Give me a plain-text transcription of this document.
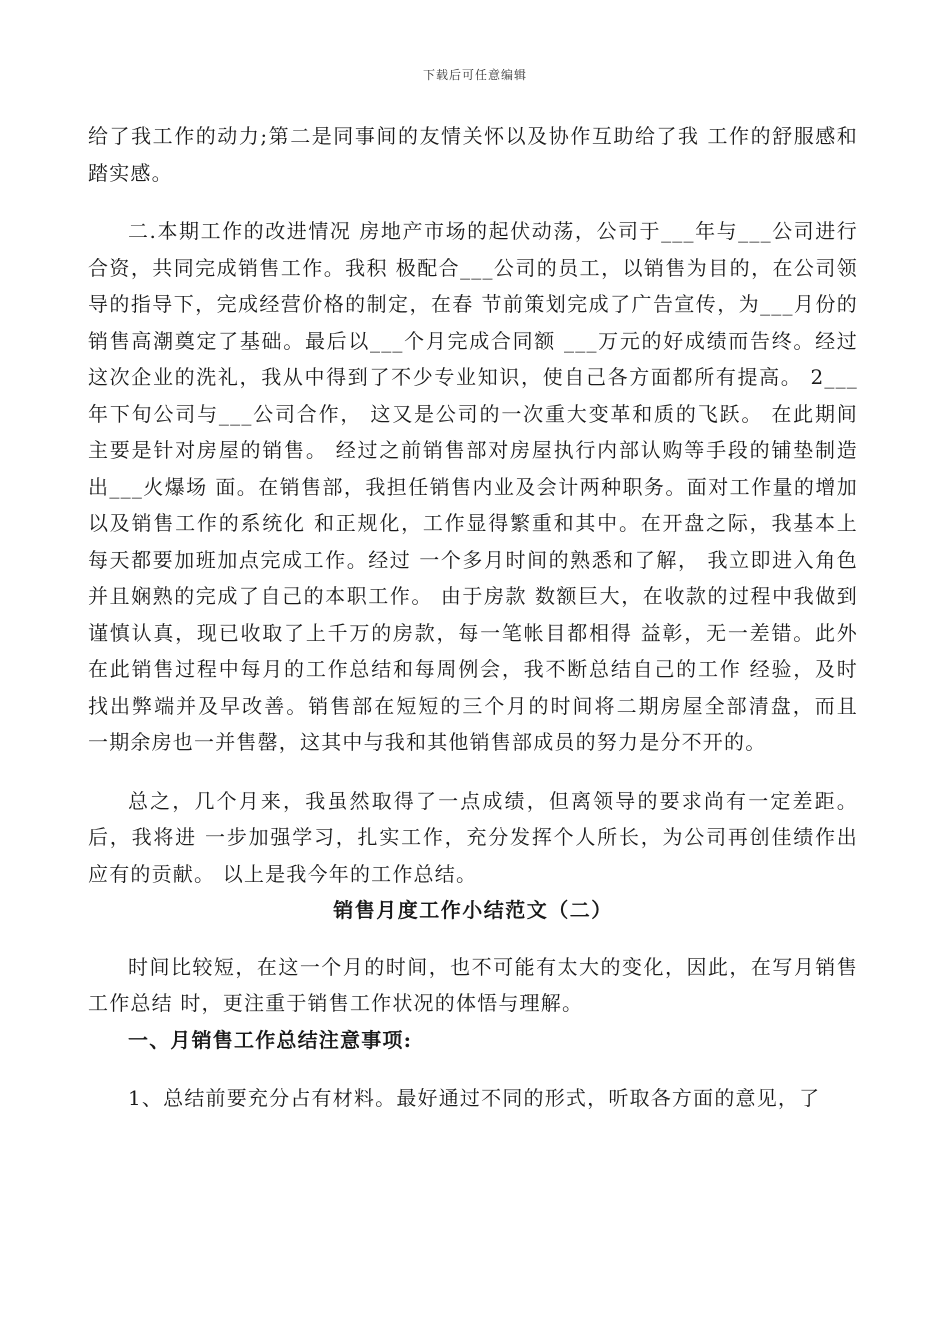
下载后可任意编辑

给了我工作的动力;第二是同事间的友情关怀以及协作互助给了我 工作的舒服感和踏实感。

二.本期工作的改进情况 房地产市场的起伏动荡，公司于___年与___公司进行合资，共同完成销售工作。我积 极配合___公司的员工，以销售为目的，在公司领导的指导下，完成经营价格的制定，在春 节前策划完成了广告宣传，为___月份的销售高潮奠定了基础。最后以___个月完成合同额 ___万元的好成绩而告终。经过这次企业的洗礼，我从中得到了不少专业知识，使自己各方面都所有提高。 2___年下旬公司与___公司合作， 这又是公司的一次重大变革和质的飞跃。 在此期间 主要是针对房屋的销售。 经过之前销售部对房屋执行内部认购等手段的铺垫制造出___火爆场 面。在销售部，我担任销售内业及会计两种职务。面对工作量的增加以及销售工作的系统化 和正规化，工作显得繁重和其中。在开盘之际，我基本上每天都要加班加点完成工作。经过 一个多月时间的熟悉和了解， 我立即进入角色并且娴熟的完成了自己的本职工作。 由于房款 数额巨大，在收款的过程中我做到谨慎认真，现已收取了上千万的房款，每一笔帐目都相得 益彰，无一差错。此外在此销售过程中每月的工作总结和每周例会，我不断总结自己的工作 经验，及时找出弊端并及早改善。销售部在短短的三个月的时间将二期房屋全部清盘，而且 一期余房也一并售罄，这其中与我和其他销售部成员的努力是分不开的。

总之，几个月来，我虽然取得了一点成绩，但离领导的要求尚有一定差距。后，我将进 一步加强学习，扎实工作，充分发挥个人所长，为公司再创佳绩作出应有的贡献。 以上是我今年的工作总结。

销售月度工作小结范文（二）

时间比较短，在这一个月的时间，也不可能有太大的变化，因此，在写月销售工作总结 时，更注重于销售工作状况的体悟与理解。

一、月销售工作总结注意事项:

1、总结前要充分占有材料。最好通过不同的形式，听取各方面的意见，了
